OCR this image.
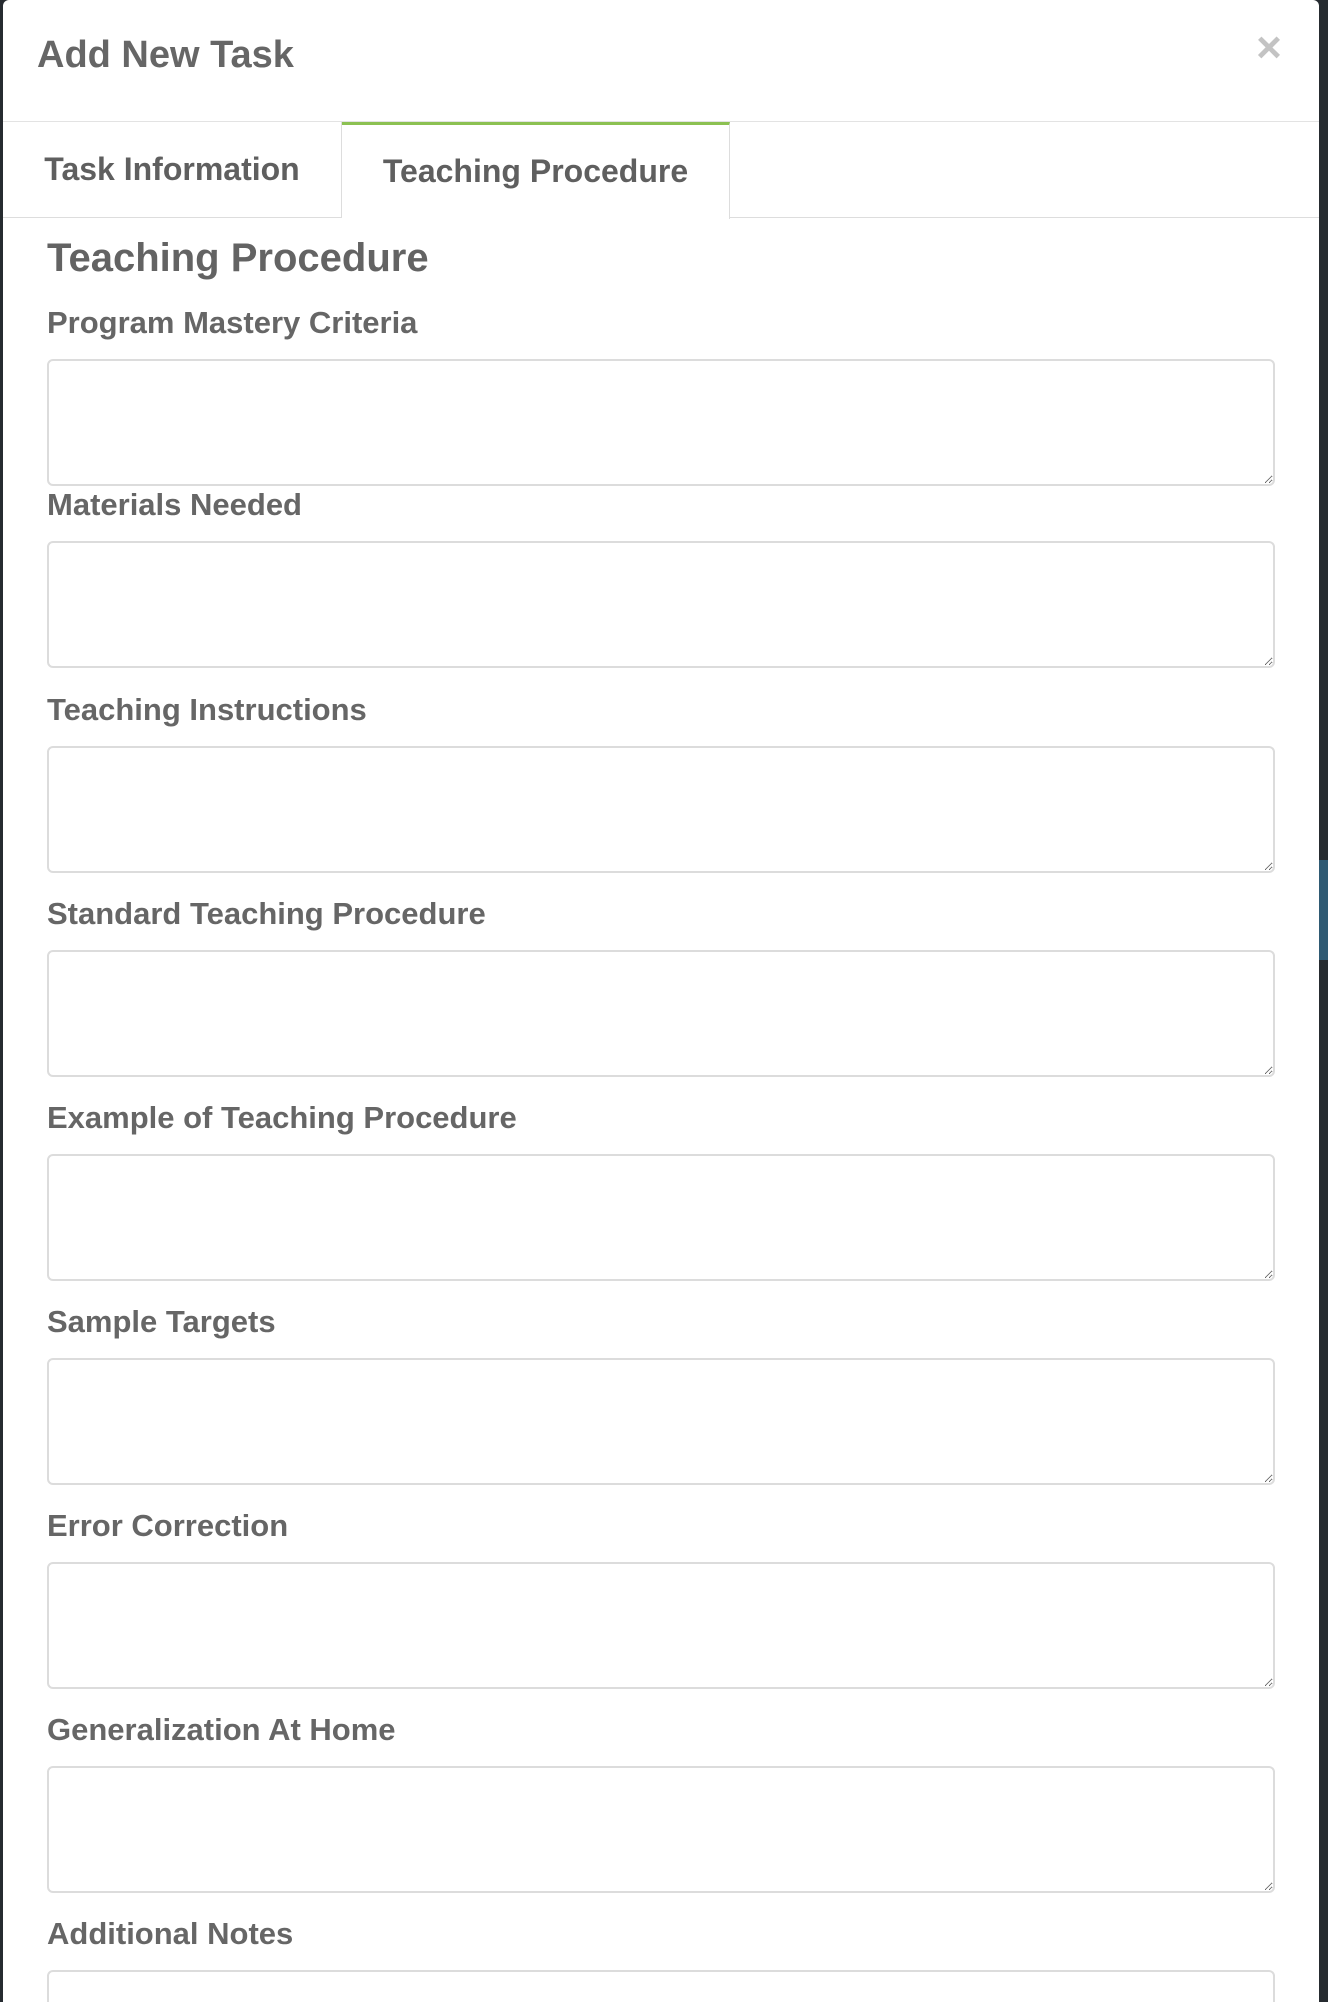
Add New Task	×
Task Information	Teaching Procedure
Teaching Procedure
Program Mastery Criteria
Materials Needed
Teaching Instructions
Standard Teaching Procedure
Example of Teaching Procedure
Sample Targets
Error Correction
Generalization At Home
Additional Notes
